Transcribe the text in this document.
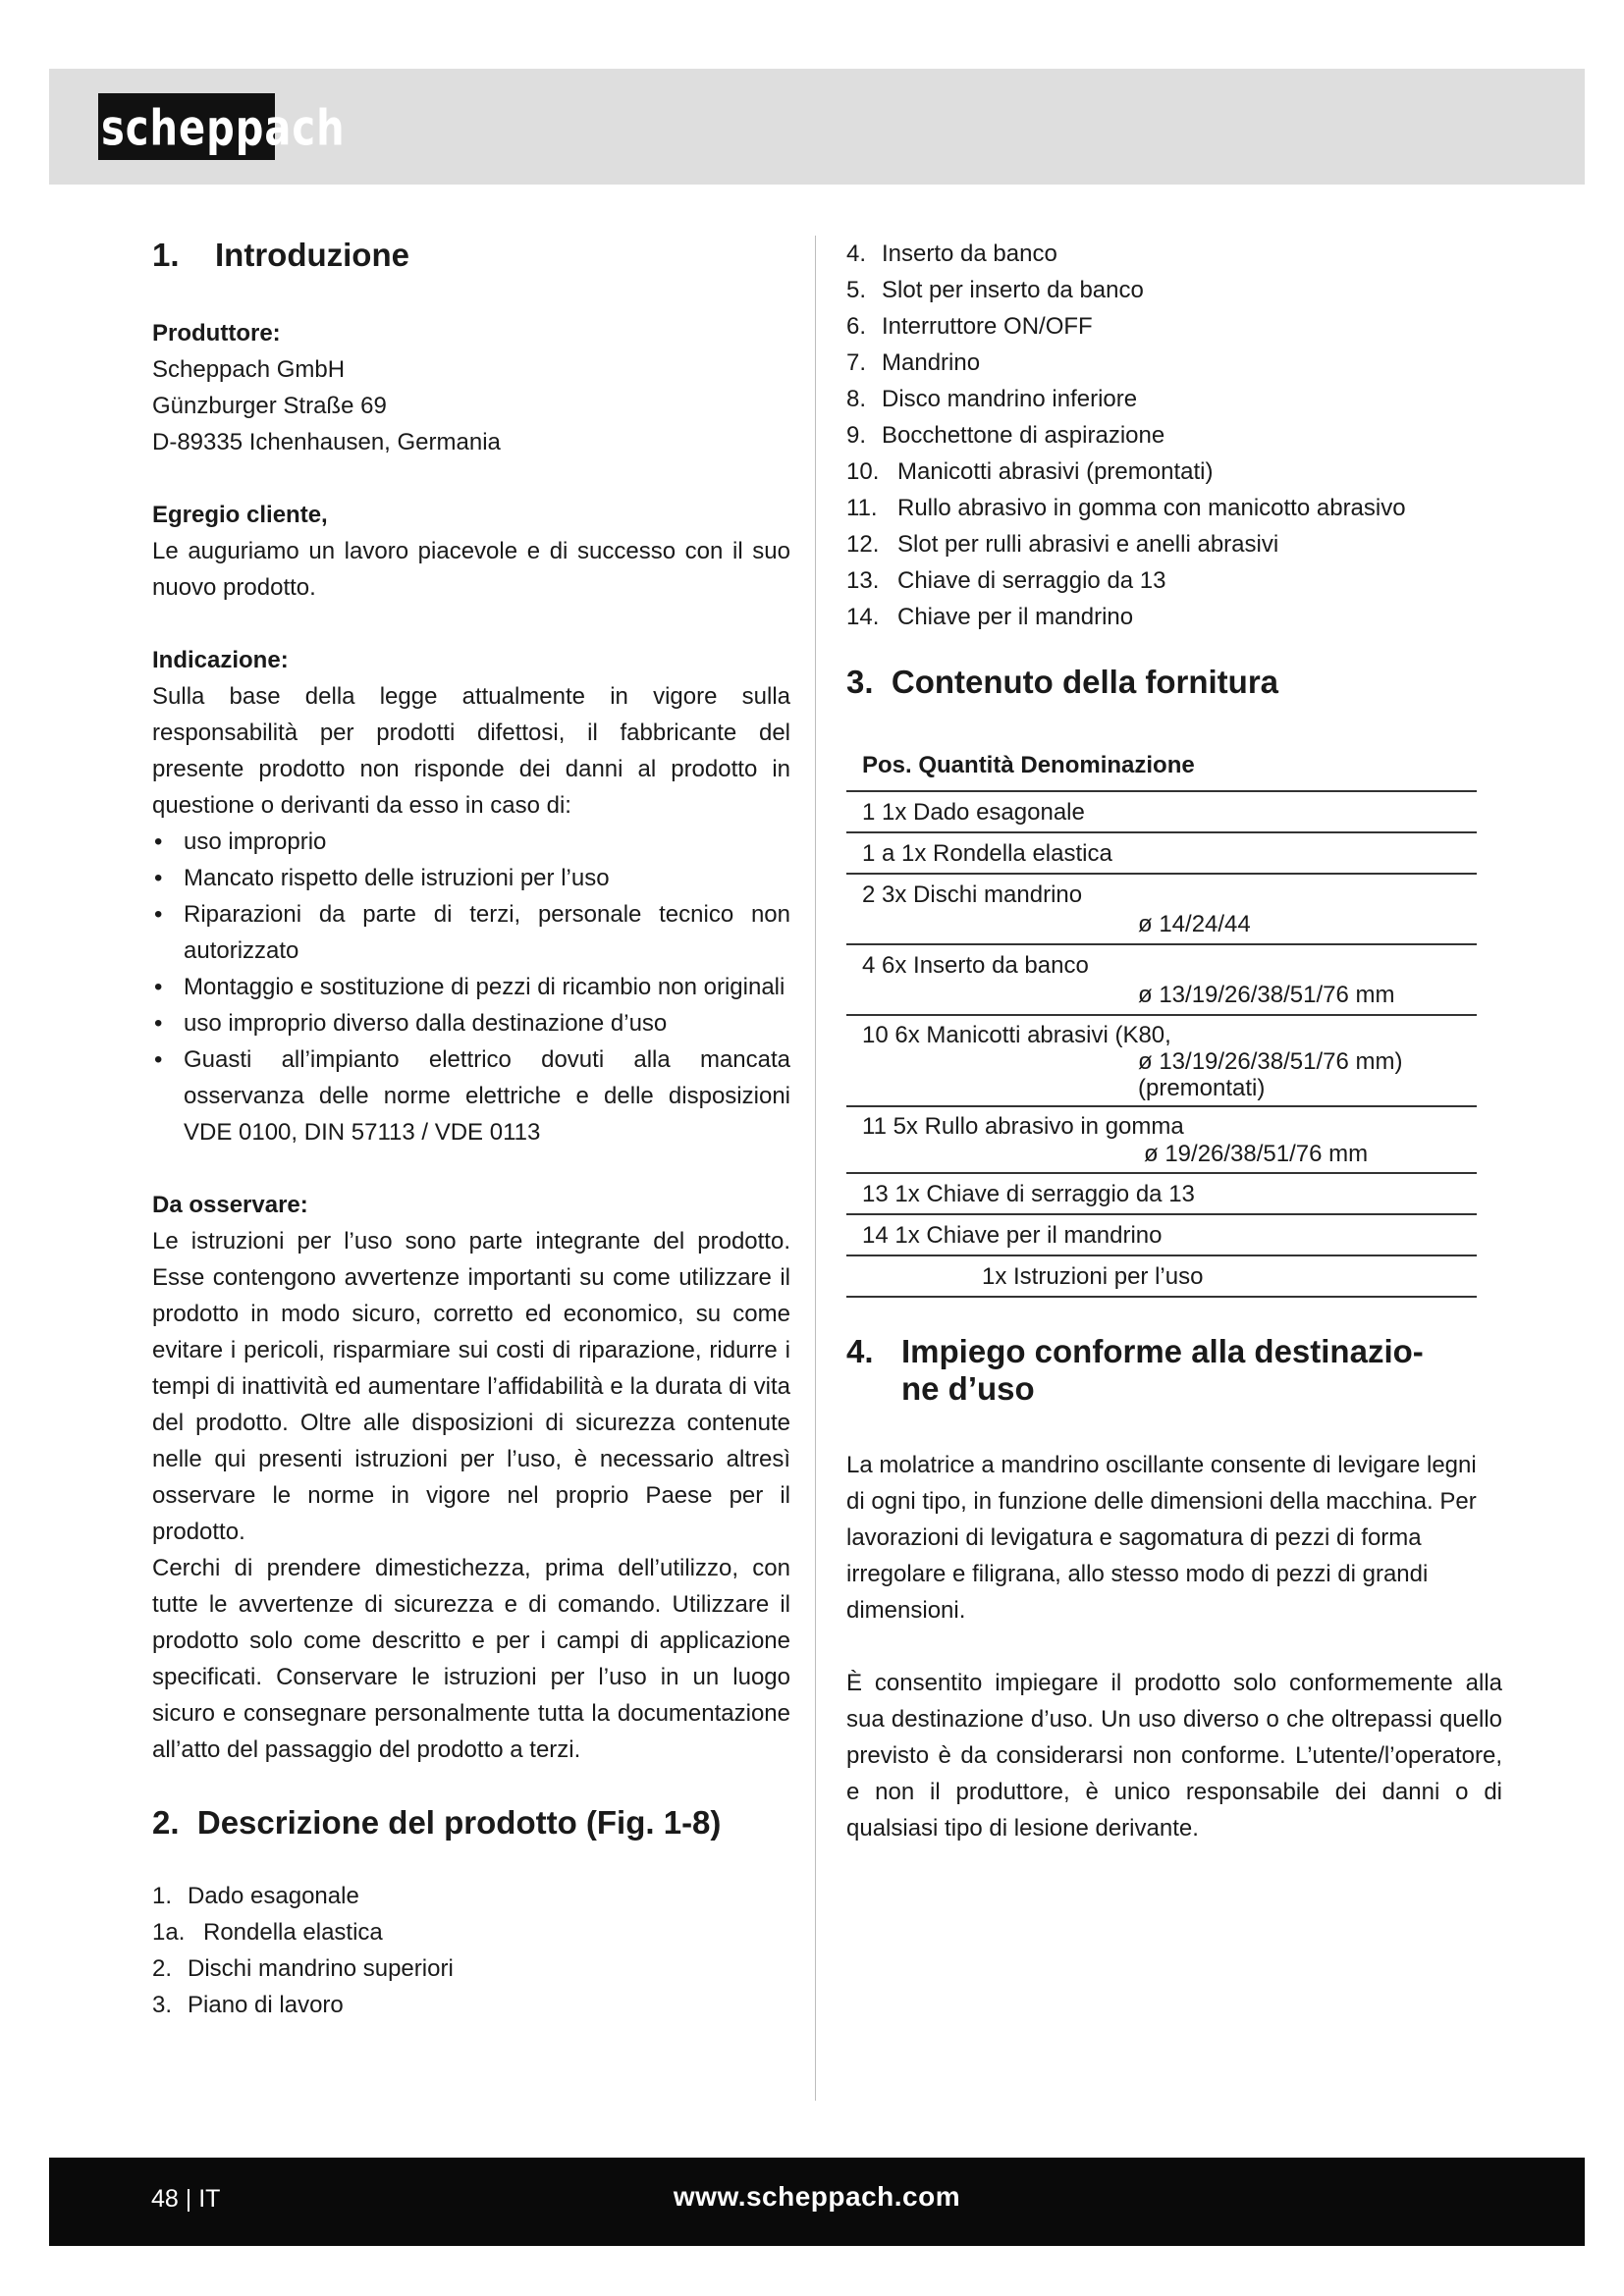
scheppach
1. Introduzione

Produttore:

Scheppach GmbH

Günzburger Straße 69

D-89335 Ichenhausen, Germania

Egregio cliente,

Le auguriamo un lavoro piacevole e di successo con il suo nuovo prodotto.

Indicazione:

Sulla base della legge attualmente in vigore sulla responsabilità per prodotti difettosi, il fabbricante del presente prodotto non risponde dei danni al prodotto in questione o derivanti da esso in caso di:

• uso improprio
• Mancato rispetto delle istruzioni per l’uso
• Riparazioni da parte di terzi, personale tecnico non autorizzato
• Montaggio e sostituzione di pezzi di ricambio non originali
• uso improprio diverso dalla destinazione d’uso
• Guasti all’impianto elettrico dovuti alla mancata osservanza delle norme elettriche e delle disposizioni VDE 0100, DIN 57113 / VDE 0113

Da osservare:

Le istruzioni per l’uso sono parte integrante del prodotto. Esse contengono avvertenze importanti su come utilizzare il prodotto in modo sicuro, corretto ed economico, su come evitare i pericoli, risparmiare sui costi di riparazione, ridurre i tempi di inattività ed aumentare l’affidabilità e la durata di vita del prodotto. Oltre alle disposizioni di sicurezza contenute nelle qui presenti istruzioni per l’uso, è necessario altresì osservare le norme in vigore nel proprio Paese per il prodotto.

Cerchi di prendere dimestichezza, prima dell’utilizzo, con tutte le avvertenze di sicurezza e di comando. Utilizzare il prodotto solo come descritto e per i campi di applicazione specificati. Conservare le istruzioni per l’uso in un luogo sicuro e consegnare personalmente tutta la documentazione all’atto del passaggio del prodotto a terzi.

2. Descrizione del prodotto (Fig. 1-8)
1. Dado esagonale
1a. Rondella elastica
2. Dischi mandrino superiori
3. Piano di lavoro
4. Inserto da banco
5. Slot per inserto da banco
6. Interruttore ON/OFF
7. Mandrino
8. Disco mandrino inferiore
9. Bocchettone di aspirazione
10. Manicotti abrasivi (premontati)
11. Rullo abrasivo in gomma con manicotto abrasivo
12. Slot per rulli abrasivi e anelli abrasivi
13. Chiave di serraggio da 13
14. Chiave per il mandrino
3. Contenuto della fornitura
Pos. Quantità Denominazione
1 1x Dado esagonale
1 a 1x Rondella elastica
2 3x Dischi mandrino
ø 14/24/44
4 6x Inserto da banco
ø 13/19/26/38/51/76 mm
10 6x Manicotti abrasivi (K80,
ø 13/19/26/38/51/76 mm)
(premontati)
11 5x Rullo abrasivo in gomma
ø 19/26/38/51/76 mm
13 1x Chiave di serraggio da 13
14 1x Chiave per il mandrino
1x Istruzioni per l’uso
4. Impiego conforme alla destinazio-
ne d’uso

La molatrice a mandrino oscillante consente di levigare legni di ogni tipo, in funzione delle dimensioni della macchina. Per lavorazioni di levigatura e sagomatura di pezzi di forma irregolare e filigrana, allo stesso modo di pezzi di grandi dimensioni.

È consentito impiegare il prodotto solo conformemente alla sua destinazione d’uso. Un uso diverso o che oltrepassi quello previsto è da considerarsi non conforme. L’utente/l’operatore, e non il produttore, è unico responsabile dei danni o di qualsiasi tipo di lesione derivante.

48 | IT	www.scheppach.com
